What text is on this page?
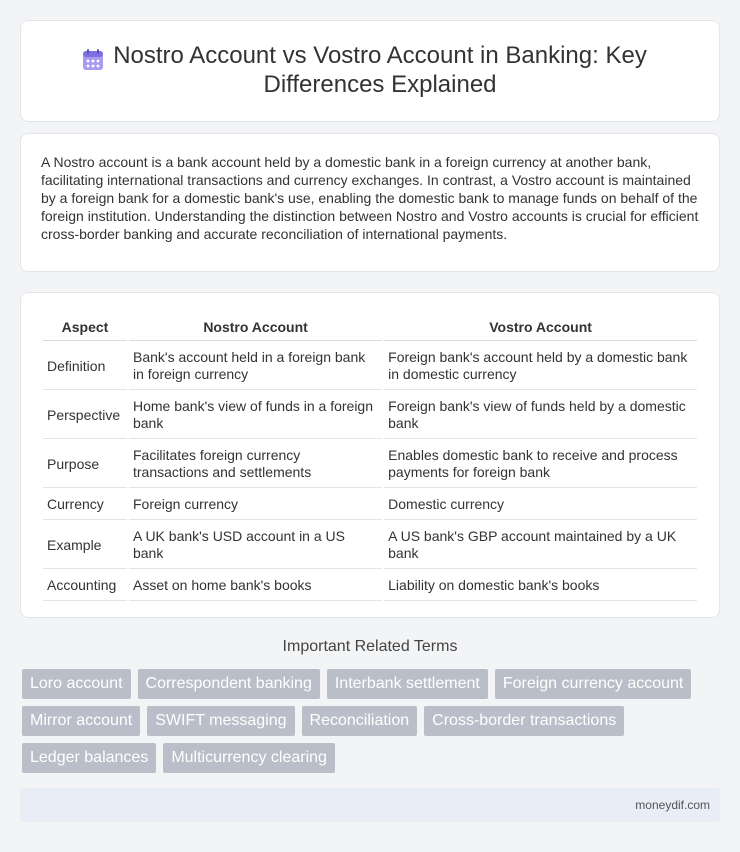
Nostro Account vs Vostro Account in Banking: Key Differences Explained

A Nostro account is a bank account held by a domestic bank in a foreign currency at another bank, facilitating international transactions and currency exchanges. In contrast, a Vostro account is maintained by a foreign bank for a domestic bank's use, enabling the domestic bank to manage funds on behalf of the foreign institution. Understanding the distinction between Nostro and Vostro accounts is crucial for efficient cross-border banking and accurate reconciliation of international payments.

Aspect	Nostro Account	Vostro Account
Definition	Bank's account held in a foreign bank in foreign currency	Foreign bank's account held by a domestic bank in domestic currency
Perspective	Home bank's view of funds in a foreign bank	Foreign bank's view of funds held by a domestic bank
Purpose	Facilitates foreign currency transactions and settlements	Enables domestic bank to receive and process payments for foreign bank
Currency	Foreign currency	Domestic currency
Example	A UK bank's USD account in a US bank	A US bank's GBP account maintained by a UK bank
Accounting	Asset on home bank's books	Liability on domestic bank's books
Important Related Terms
Loro account	Correspondent banking	Interbank settlement	Foreign currency account
Mirror account	SWIFT messaging	Reconciliation	Cross-border transactions
Ledger balances	Multicurrency clearing
moneydif.com
